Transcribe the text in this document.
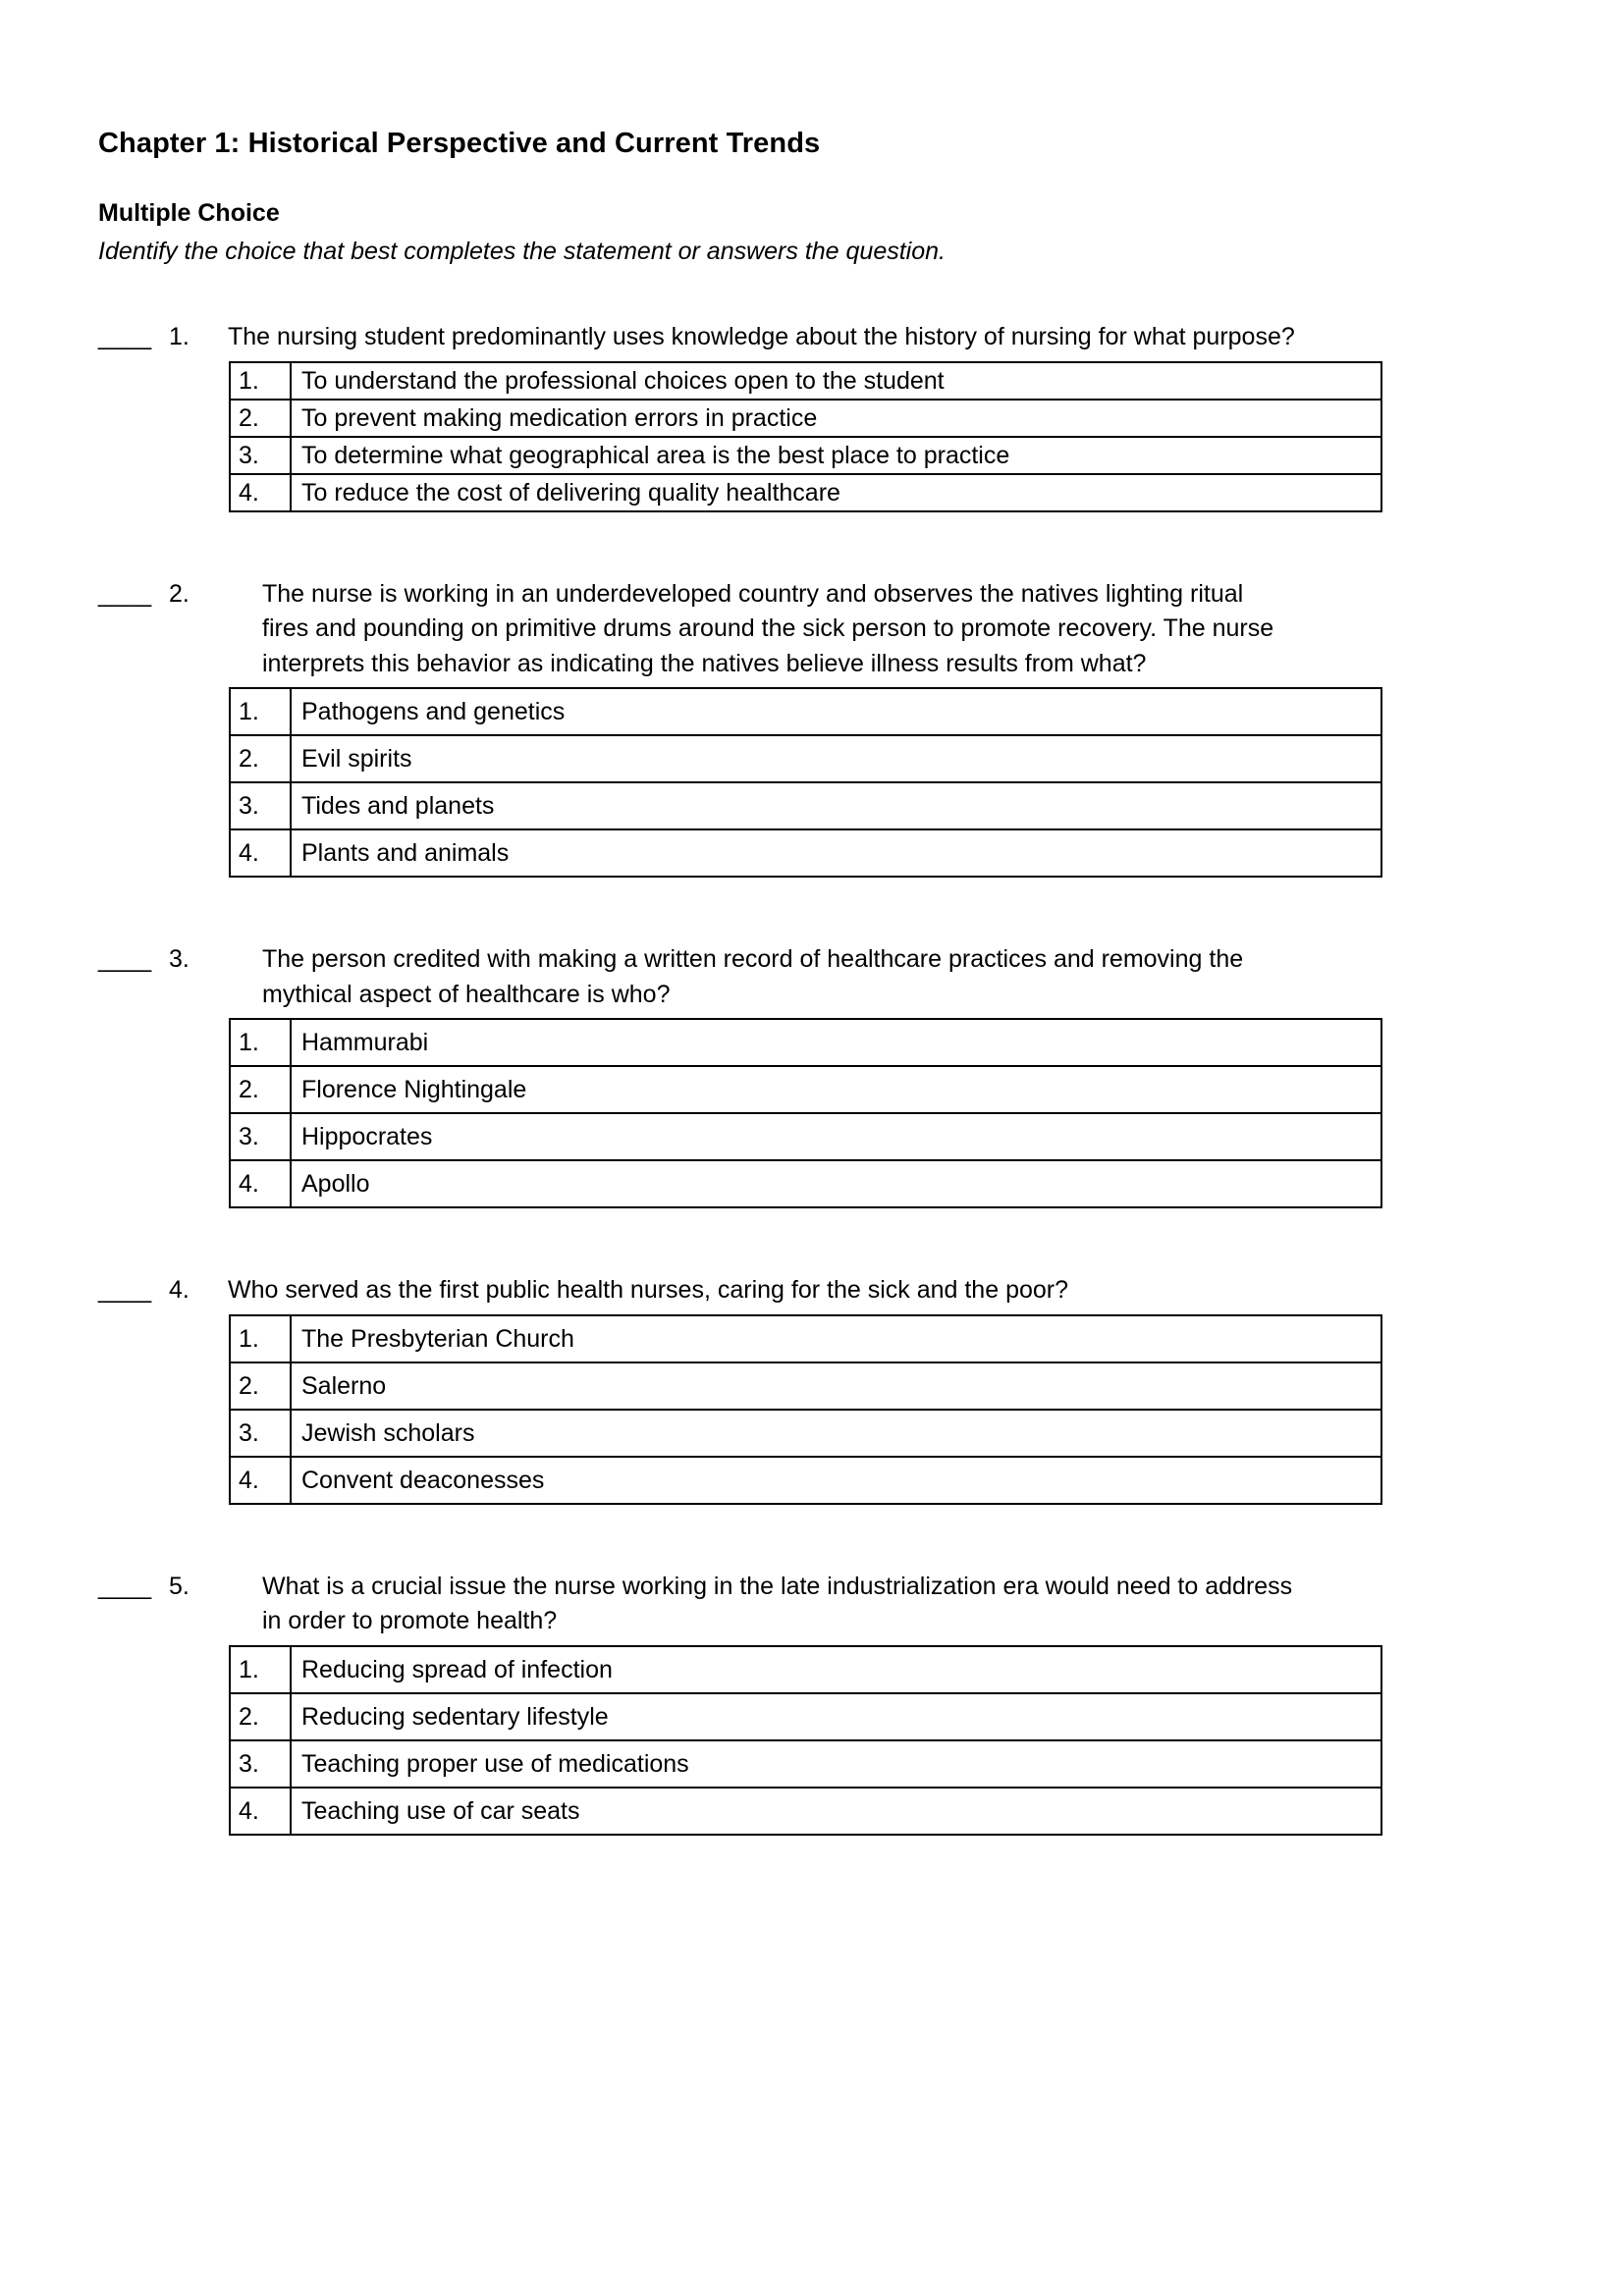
Chapter 1: Historical Perspective and Current Trends
Multiple Choice

Identify the choice that best completes the statement or answers the question.

____ 1.	The nursing student predominantly uses knowledge about the history of nursing for what purpose?
1.	To understand the professional choices open to the student
2.	To prevent making medication errors in practice
3.	To determine what geographical area is the best place to practice
4.	To reduce the cost of delivering quality healthcare
____ 2.	The nurse is working in an underdeveloped country and observes the natives lighting ritual
fires and pounding on primitive drums around the sick person to promote recovery. The nurse
interprets this behavior as indicating the natives believe illness results from what?
1.	Pathogens and genetics
2.	Evil spirits
3.	Tides and planets
4.	Plants and animals
____ 3.	The person credited with making a written record of healthcare practices and removing the
mythical aspect of healthcare is who?
1.	Hammurabi
2.	Florence Nightingale
3.	Hippocrates
4.	Apollo
____ 4.	Who served as the first public health nurses, caring for the sick and the poor?
1.	The Presbyterian Church
2.	Salerno
3.	Jewish scholars
4.	Convent deaconesses
____ 5.	What is a crucial issue the nurse working in the late industrialization era would need to address
in order to promote health?
1.	Reducing spread of infection
2.	Reducing sedentary lifestyle
3.	Teaching proper use of medications
4.	Teaching use of car seats
